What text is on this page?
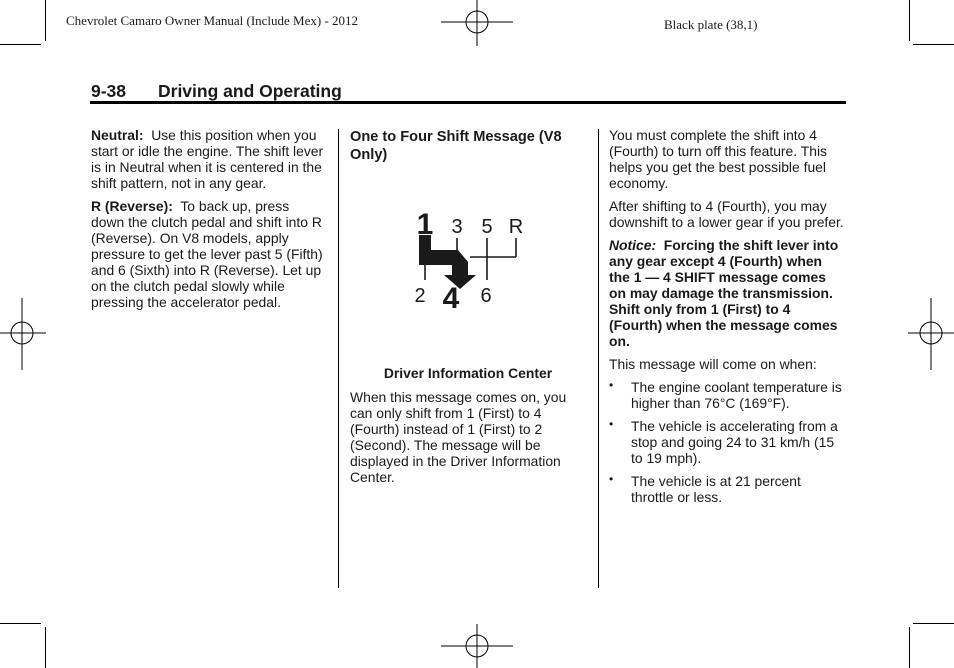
Chevrolet Camaro Owner Manual (Include Mex) - 2012	Black plate (38,1)
9-38 Driving and Operating

Neutral: Use this position when you start or idle the engine. The shift lever is in Neutral when it is centered in the shift pattern, not in any gear.

R (Reverse): To back up, press down the clutch pedal and shift into R (Reverse). On V8 models, apply pressure to get the lever past 5 (Fifth) and 6 (Sixth) into R (Reverse). Let up on the clutch pedal slowly while pressing the accelerator pedal.

One to Four Shift Message (V8 Only)
1 3 5 R
2 4 6

Driver Information Center

When this message comes on, you can only shift from 1 (First) to 4 (Fourth) instead of 1 (First) to 2 (Second). The message will be displayed in the Driver Information Center.

You must complete the shift into 4 (Fourth) to turn off this feature. This helps you get the best possible fuel economy.

After shifting to 4 (Fourth), you may downshift to a lower gear if you prefer.

Notice: Forcing the shift lever into any gear except 4 (Fourth) when the 1 — 4 SHIFT message comes on may damage the transmission. Shift only from 1 (First) to 4 (Fourth) when the message comes on.

This message will come on when:

• The engine coolant temperature is higher than 76°C (169°F).
• The vehicle is accelerating from a stop and going 24 to 31 km/h (15 to 19 mph).
• The vehicle is at 21 percent throttle or less.
